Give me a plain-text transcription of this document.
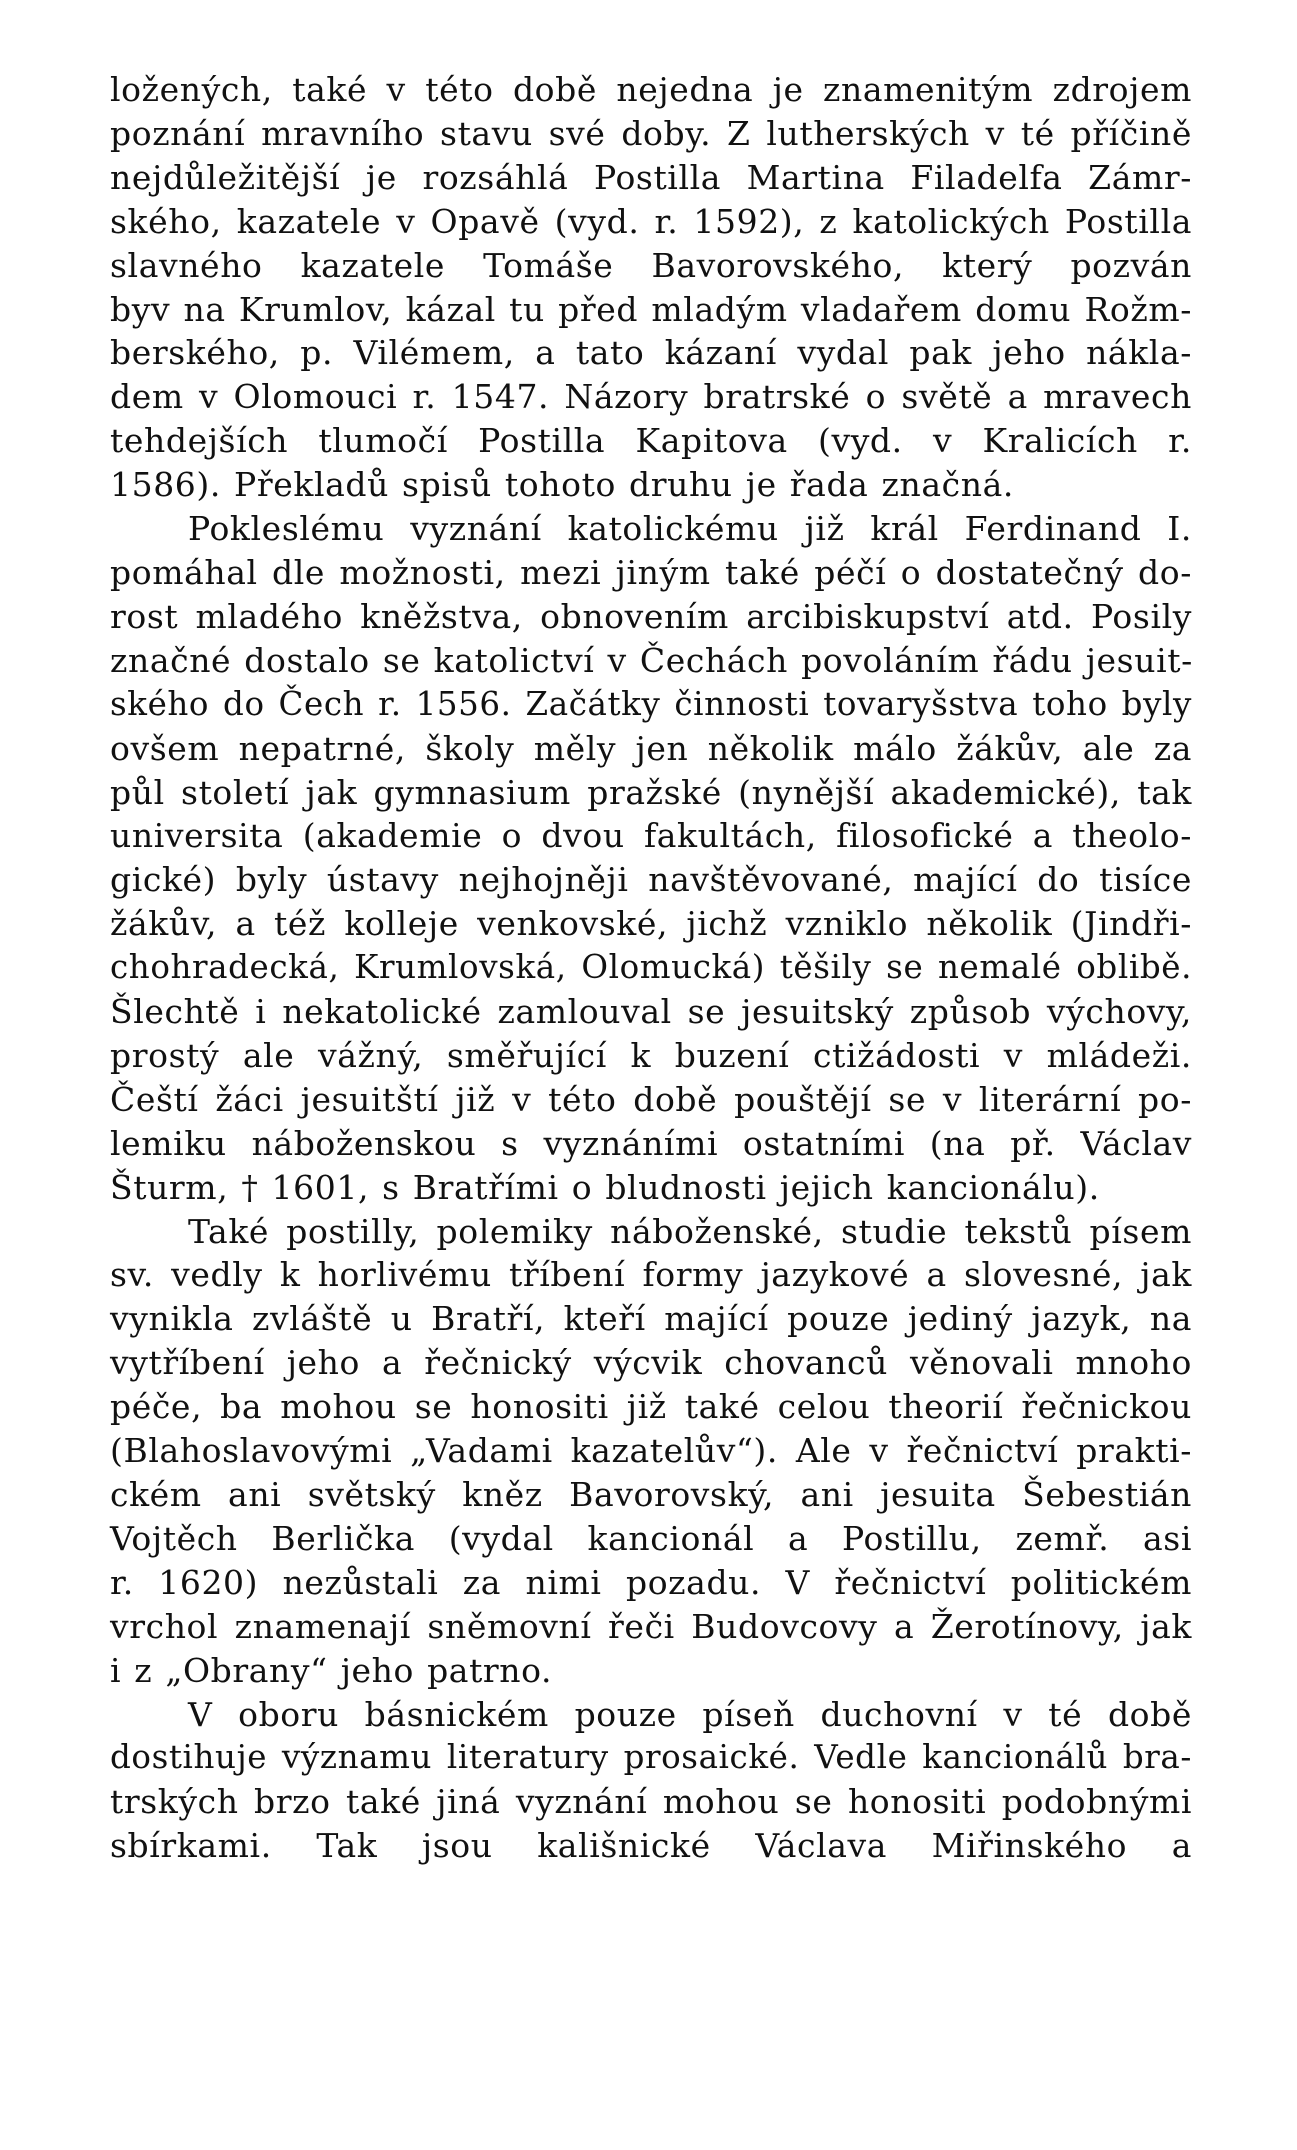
ložených, také v této době nejedna je znamenitým zdrojem
poznání mravního stavu své doby. Z lutherských v té příčině
nejdůležitější je rozsáhlá Postilla Martina Filadelfa Zámr-
ského, kazatele v Opavě (vyd. r. 1592), z katolických Postilla
slavného kazatele Tomáše Bavorovského, který pozván
byv na Krumlov, kázal tu před mladým vladařem domu Rožm-
berského, p. Vilémem, a tato kázaní vydal pak jeho nákla-
dem v Olomouci r. 1547. Názory bratrské o světě a mravech
tehdejších tlumočí Postilla Kapitova (vyd. v Kralicích r.
1586). Překladů spisů tohoto druhu je řada značná.

Pokleslému vyznání katolickému již král Ferdinand I.
pomáhal dle možnosti, mezi jiným také péčí o dostatečný do-
rost mladého kněžstva, obnovením arcibiskupství atd. Posily
značné dostalo se katolictví v Čechách povoláním řádu jesuit-
ského do Čech r. 1556. Začátky činnosti tovaryšstva toho byly
ovšem nepatrné, školy měly jen několik málo žákův, ale za
půl století jak gymnasium pražské (nynější akademické), tak
universita (akademie o dvou fakultách, filosofické a theolo-
gické) byly ústavy nejhojněji navštěvované, mající do tisíce
žákův, a též kolleje venkovské, jichž vzniklo několik (Jindři-
chohradecká, Krumlovská, Olomucká) těšily se nemalé oblibě.
Šlechtě i nekatolické zamlouval se jesuitský způsob výchovy,
prostý ale vážný, směřující k buzení ctižádosti v mládeži.
Čeští žáci jesuitští již v této době pouštějí se v literární po-
lemiku náboženskou s vyznáními ostatními (na př. Václav
Šturm, † 1601, s Bratřími o bludnosti jejich kancionálu).

Také postilly, polemiky náboženské, studie tekstů písem
sv. vedly k horlivému tříbení formy jazykové a slovesné, jak
vynikla zvláště u Bratří, kteří mající pouze jediný jazyk, na
vytříbení jeho a řečnický výcvik chovanců věnovali mnoho
péče, ba mohou se honositi již také celou theorií řečnickou
(Blahoslavovými „Vadami kazatelův“). Ale v řečnictví prakti-
ckém ani světský kněz Bavorovský, ani jesuita Šebestián
Vojtěch Berlička (vydal kancionál a Postillu, zemř. asi
r. 1620) nezůstali za nimi pozadu. V řečnictví politickém
vrchol znamenají sněmovní řeči Budovcovy a Žerotínovy, jak
i z „Obrany“ jeho patrno.

V oboru básnickém pouze píseň duchovní v té době
dostihuje významu literatury prosaické. Vedle kancionálů bra-
trských brzo také jiná vyznání mohou se honositi podobnými
sbírkami. Tak jsou kališnické Václava Miřinského a
